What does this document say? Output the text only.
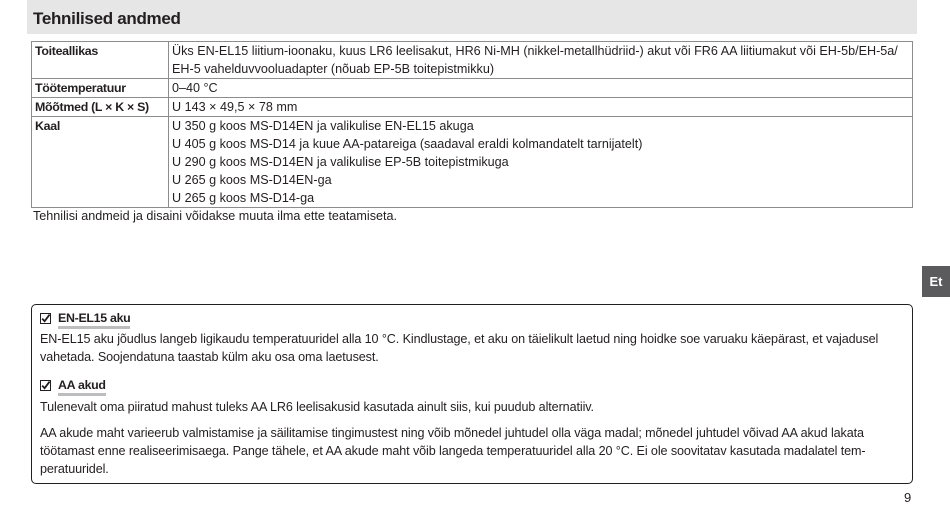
Tehnilised andmed
Toiteallikas	Üks EN-EL15 liitium-ioonaku, kuus LR6 leelisakut, HR6 Ni-MH (nikkel-metallhüdriid-) akut või FR6 AA liitiumakut või EH-5b/EH-5a/
EH-5 vahelduvvooluadapter (nõuab EP-5B toitepistmikku)

Töötemperatuur	0–40 °C

Mõõtmed (L × K × S)	U 143 × 49,5 × 78 mm

Kaal	U 350 g koos MS-D14EN ja valikulise EN-EL15 akuga
U 405 g koos MS-D14 ja kuue AA-patareiga (saadaval eraldi kolmandatelt tarnijatelt)
U 290 g koos MS-D14EN ja valikulise EP-5B toitepistmikuga
U 265 g koos MS-D14EN-ga
U 265 g koos MS-D14-ga
Tehnilisi andmeid ja disaini võidakse muuta ilma ette teatamiseta.
Et
EN-EL15 aku
EN-EL15 aku jõudlus langeb ligikaudu temperatuuridel alla 10 °C. Kindlustage, et aku on täielikult laetud ning hoidke soe varuaku käepärast, et vajadusel
vahetada. Soojendatuna taastab külm aku osa oma laetusest.
AA akud
Tulenevalt oma piiratud mahust tuleks AA LR6 leelisakusid kasutada ainult siis, kui puudub alternatiiv.
AA akude maht varieerub valmistamise ja säilitamise tingimustest ning võib mõnedel juhtudel olla väga madal; mõnedel juhtudel võivad AA akud lakata
töötamast enne realiseerimisaega. Pange tähele, et AA akude maht võib langeda temperatuuridel alla 20 °C. Ei ole soovitatav kasutada madalatel tem-
peratuuridel.
9
